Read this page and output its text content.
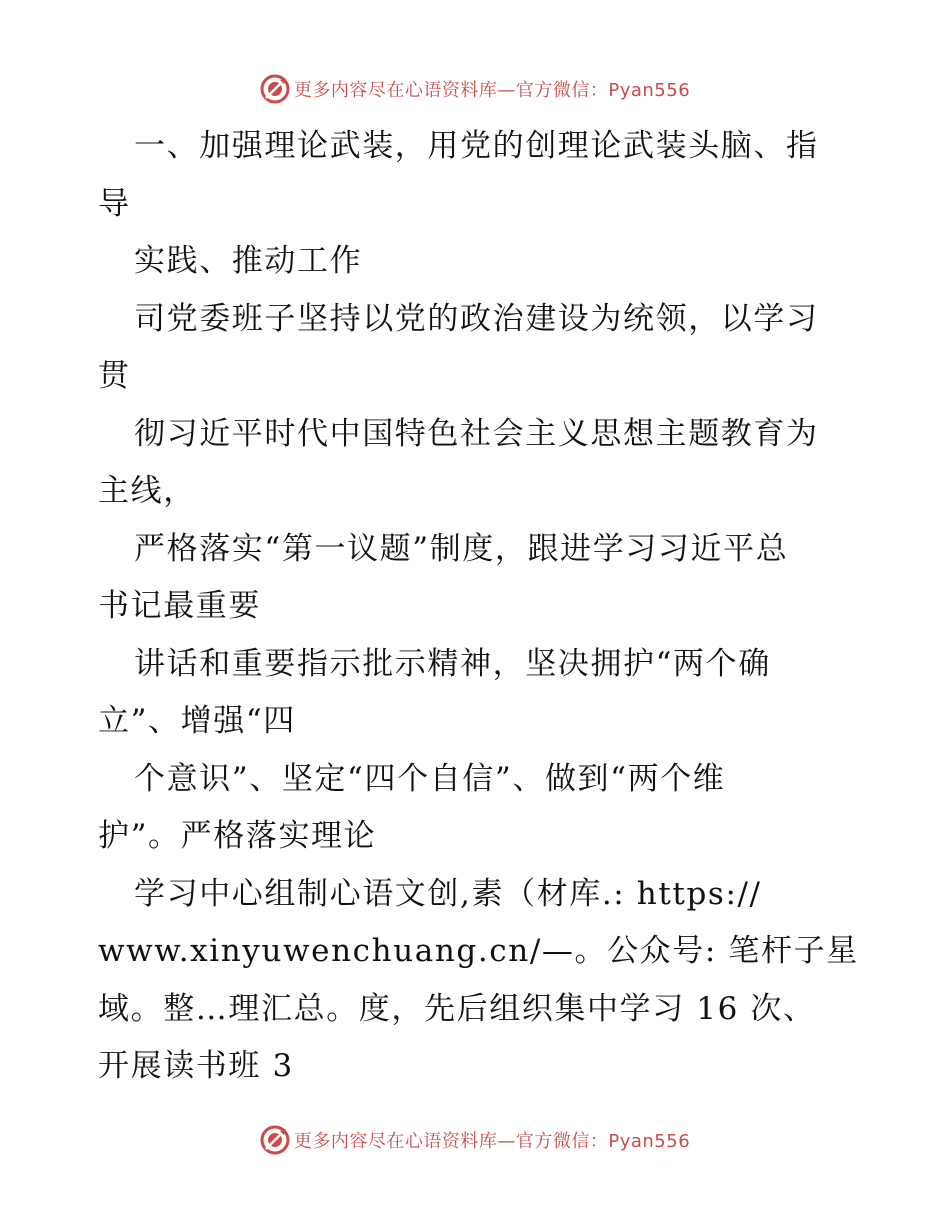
更多内容尽在心语资料库—官方微信：Pyan556
一、加强理论武装，用党的创理论武装头脑、指
导
实践、推动工作
司党委班子坚持以党的政治建设为统领，以学习
贯
彻习近平时代中国特色社会主义思想主题教育为
主线，
严格落实“第一议题”制度，跟进学习习近平总
书记最重要
讲话和重要指示批示精神，坚决拥护“两个确
立”、增强“四
个意识”、坚定“四个自信”、做到“两个维
护”。严格落实理论
学习中心组制心语文创,素（材库.: https://
www.xinyuwenchuang.cn/—。公众号: 笔杆子星
域。整…理汇总。度，先后组织集中学习 16 次、
开展读书班 3
更多内容尽在心语资料库—官方微信：Pyan556
